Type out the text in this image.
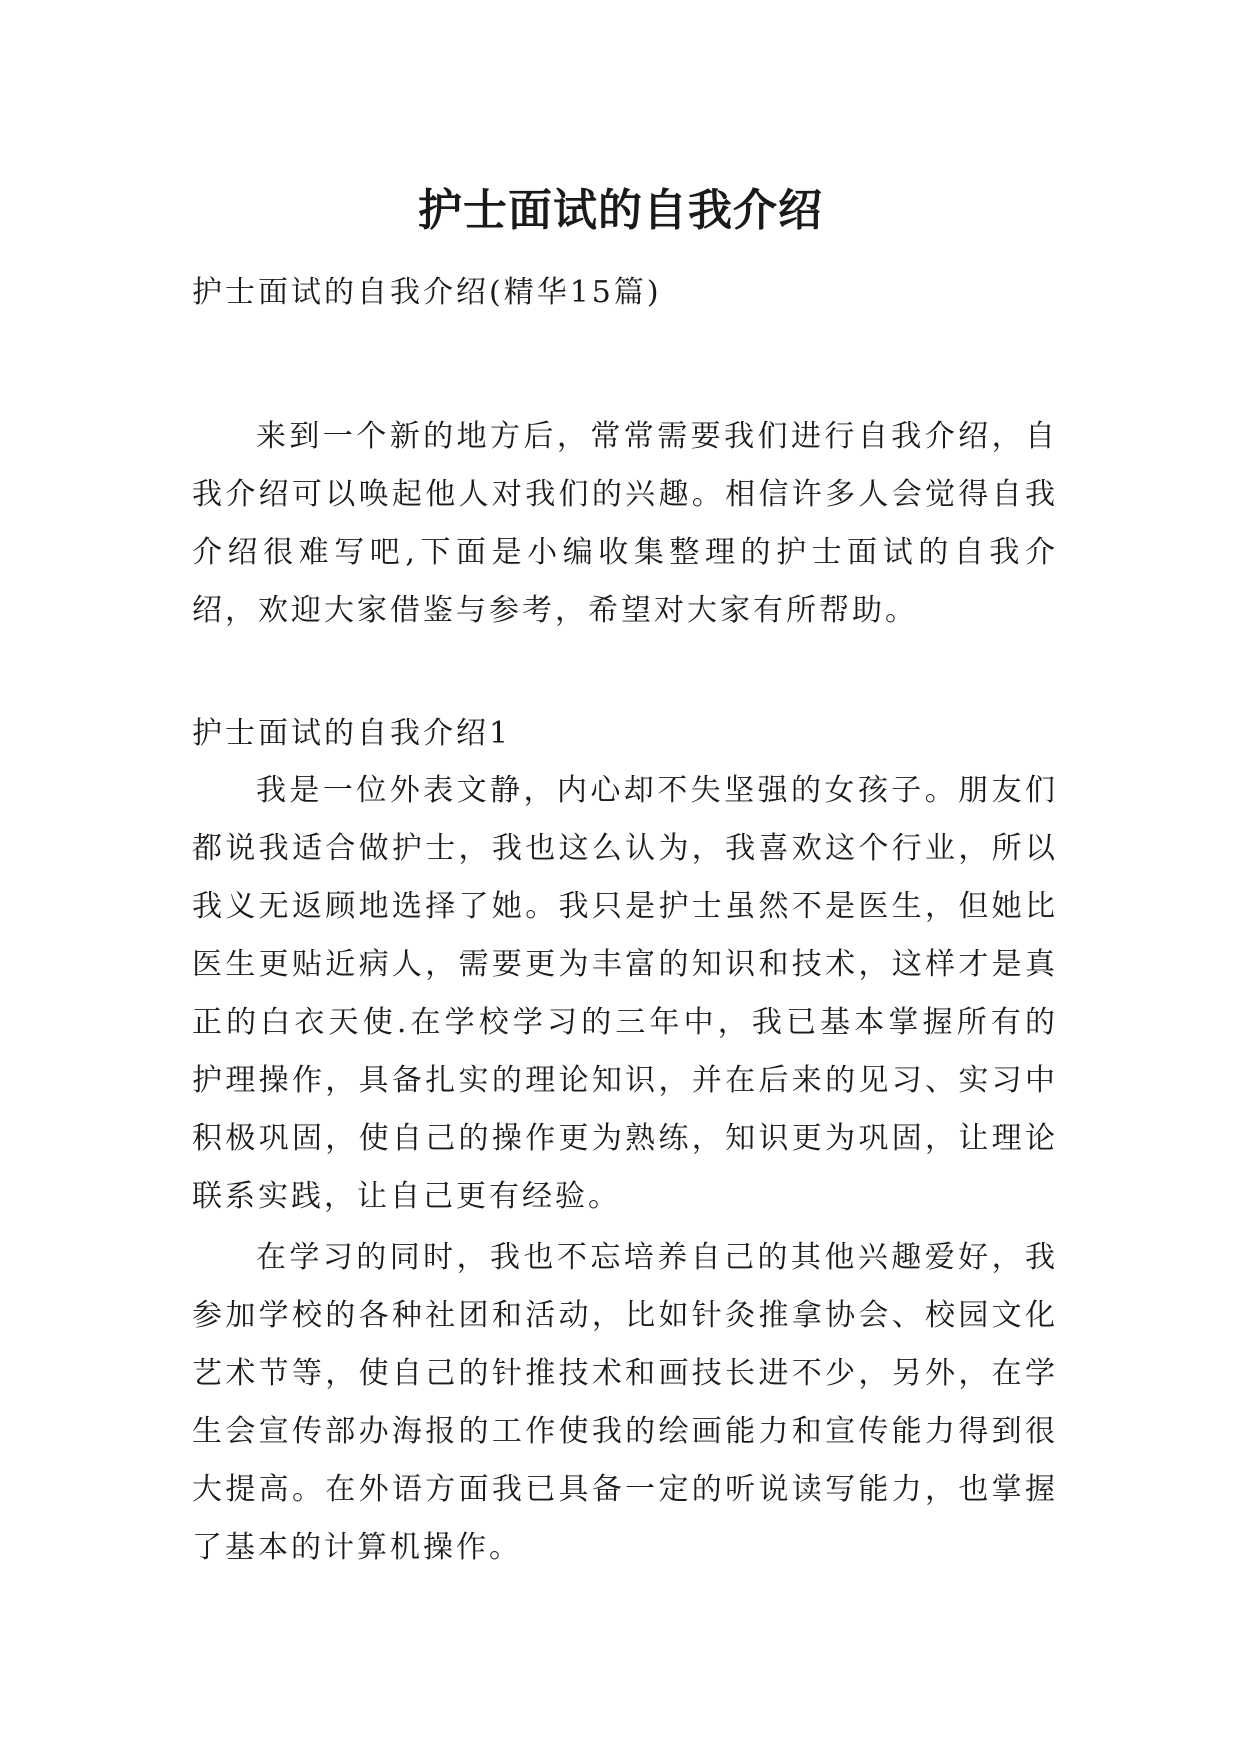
护士面试的自我介绍

护士面试的自我介绍(精华15篇)

来到一个新的地方后，常常需要我们进行自我介绍，自我介绍可以唤起他人对我们的兴趣。相信许多人会觉得自我介绍很难写吧,下面是小编收集整理的护士面试的自我介绍，欢迎大家借鉴与参考，希望对大家有所帮助。

护士面试的自我介绍1

我是一位外表文静，内心却不失坚强的女孩子。朋友们都说我适合做护士，我也这么认为，我喜欢这个行业，所以我义无返顾地选择了她。我只是护士虽然不是医生，但她比医生更贴近病人，需要更为丰富的知识和技术，这样才是真正的白衣天使.在学校学习的三年中，我已基本掌握所有的护理操作，具备扎实的理论知识，并在后来的见习、实习中积极巩固，使自己的操作更为熟练，知识更为巩固，让理论联系实践，让自己更有经验。

在学习的同时，我也不忘培养自己的其他兴趣爱好，我参加学校的各种社团和活动，比如针灸推拿协会、校园文化艺术节等，使自己的针推技术和画技长进不少，另外，在学生会宣传部办海报的工作使我的绘画能力和宣传能力得到很大提高。在外语方面我已具备一定的听说读写能力，也掌握了基本的计算机操作。
